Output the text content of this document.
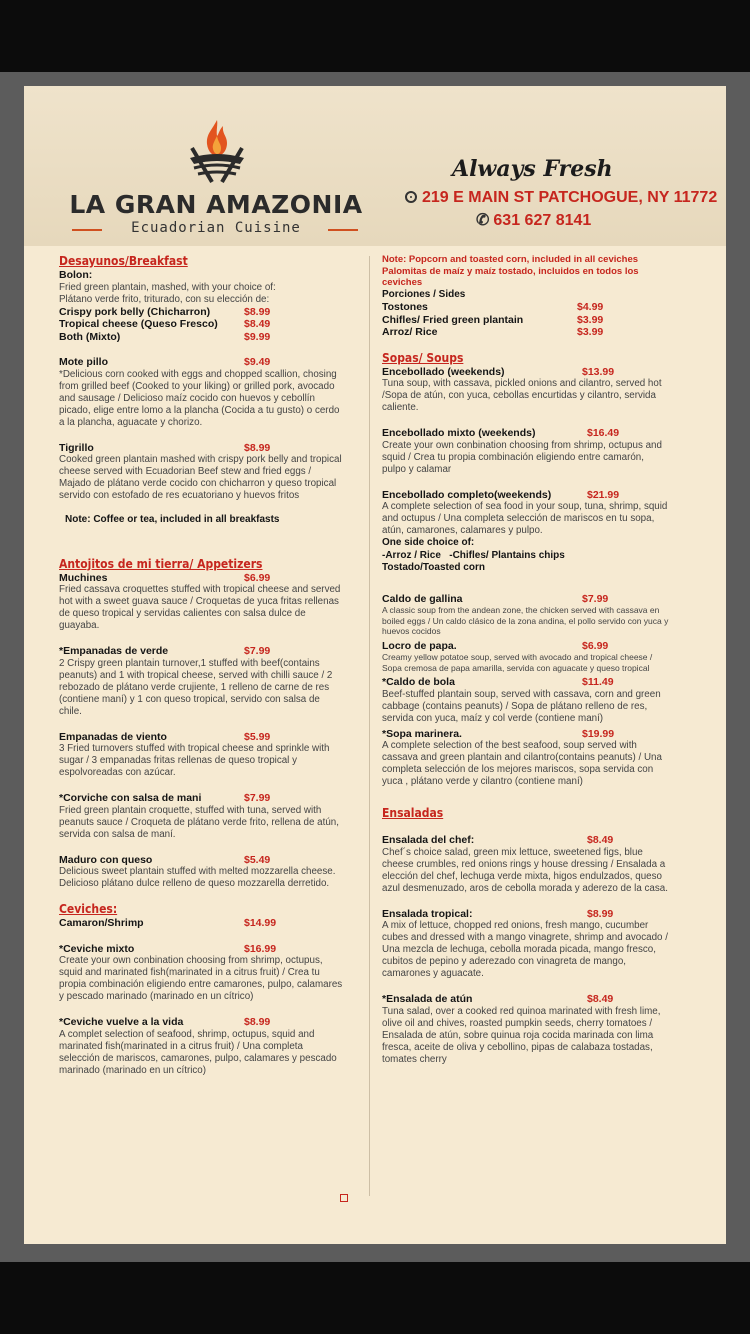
LA GRAN AMAZONIA
Ecuadorian Cuisine
Always Fresh
219 E MAIN ST PATCHOGUE, NY 11772
✆ 631 627 8141
Desayunos/Breakfast
Bolon:
Fried green plantain, mashed, with your choice of:
Plátano verde frito, triturado, con su elección de:
Crispy pork belly (Chicharron)	$8.99
Tropical cheese (Queso Fresco)	$8.49
Both (Mixto)	$9.99
Mote pillo	$9.49
*Delicious corn cooked with eggs and chopped scallion, chosing from grilled beef (Cooked to your liking) or grilled pork, avocado and sausage / Delicioso maíz cocido con huevos y cebollín picado, elige entre lomo a la plancha (Cocida a tu gusto) o cerdo a la plancha, aguacate y chorizo.
Tigrillo	$8.99
Cooked green plantain mashed with crispy pork belly and tropical cheese served with Ecuadorian Beef stew and fried eggs / Majado de plátano verde cocido con chicharron y queso tropical servido con estofado de res ecuatoriano y huevos fritos
Note: Coffee or tea, included in all breakfasts
Antojitos de mi tierra/ Appetizers
Muchines	$6.99
Fried cassava croquettes stuffed with tropical cheese and served hot with a sweet guava sauce / Croquetas de yuca fritas rellenas de queso tropical y servidas calientes con salsa dulce de guayaba.
*Empanadas de verde	$7.99
2 Crispy green plantain turnover,1 stuffed with beef(contains peanuts) and 1 with tropical cheese, served with chilli sauce / 2 rebozado de plátano verde crujiente, 1 relleno de carne de res (contiene maní) y 1 con queso tropical, servido con salsa de chile.
Empanadas de viento	$5.99
3 Fried turnovers stuffed with tropical cheese and sprinkle with sugar / 3 empanadas fritas rellenas de queso tropical y espolvoreadas con azúcar.
*Corviche con salsa de mani	$7.99
Fried green plantain croquette, stuffed with tuna, served with peanuts sauce / Croqueta de plátano verde frito, rellena de atún, servida con salsa de maní.
Maduro con queso	$5.49
Delicious sweet plantain stuffed with melted mozzarella cheese. Delicioso plátano dulce relleno de queso mozzarella derretido.
Ceviches:
Camaron/Shrimp	$14.99
*Ceviche mixto	$16.99
Create your own conbination choosing from shrimp, octupus, squid and marinated fish(marinated in a citrus fruit) / Crea tu propia combinación eligiendo entre camarones, pulpo, calamares y pescado marinado (marinado en un cítrico)
*Ceviche vuelve a la vida	$8.99
A complet selection of seafood, shrimp, octupus, squid and marinated fish(marinated in a citrus fruit) / Una completa selección de mariscos, camarones, pulpo, calamares y pescado marinado (marinado en un cítrico)
Note: Popcorn and toasted corn, included in all ceviches
Palomitas de maíz y maíz tostado, incluidos en todos los ceviches
Porciones / Sides
Tostones	$4.99
Chifles/ Fried green plantain	$3.99
Arroz/ Rice	$3.99
Sopas/ Soups
Encebollado (weekends)	$13.99
Tuna soup, with cassava, pickled onions and cilantro, served hot /Sopa de atún, con yuca, cebollas encurtidas y cilantro, servida caliente.
Encebollado mixto (weekends)	$16.49
Create your own conbination choosing from shrimp, octupus and squid / Crea tu propia combinación eligiendo entre camarón, pulpo y calamar
Encebollado completo(weekends)	$21.99
A complete selection of sea food in your soup, tuna, shrimp, squid and octupus / Una completa selección de mariscos en tu sopa, atún, camarones, calamares y pulpo.
One side choice of:
-Arroz / Rice   -Chifles/ Plantains chips
Tostado/Toasted corn
Caldo de gallina	$7.99
A classic soup from the andean zone, the chicken served with cassava en boiled eggs / Un caldo clásico de la zona andina, el pollo servido con yuca y huevos cocidos
Locro de papa.	$6.99
Creamy yellow potatoe soup, served with avocado and tropical cheese / Sopa cremosa de papa amarilla, servida con aguacate y queso tropical
*Caldo de bola	$11.49
Beef-stuffed plantain soup, served with cassava, corn and green cabbage (contains peanuts) / Sopa de plátano relleno de res, servida con yuca, maíz y col verde (contiene maní)
*Sopa marinera.	$19.99
A complete selection of the best seafood, soup served with cassava and green plantain and cilantro(contains peanuts) / Una completa selección de los mejores mariscos, sopa servida con yuca , plátano verde y cilantro (contiene maní)
Ensaladas
Ensalada del chef:	$8.49
Chef´s choice salad, green mix lettuce, sweetened figs, blue cheese crumbles, red onions rings y house dressing / Ensalada a elección del chef, lechuga verde mixta, higos endulzados, queso azul desmenuzado, aros de cebolla morada y aderezo de la casa.
Ensalada tropical:	$8.99
A mix of lettuce, chopped red onions, fresh mango, cucumber cubes and dressed with a mango vinagrete, shrimp and avocado / Una mezcla de lechuga, cebolla morada picada, mango fresco, cubitos de pepino y aderezado con vinagreta de mango, camarones y aguacate.
*Ensalada de atún	$8.49
Tuna salad, over a cooked red quinoa marinated with fresh lime, olive oil and chives, roasted pumpkin seeds, cherry tomatoes / Ensalada de atún, sobre quinua roja cocida marinada con lima fresca, aceite de oliva y cebollino, pipas de calabaza tostadas, tomates cherry
